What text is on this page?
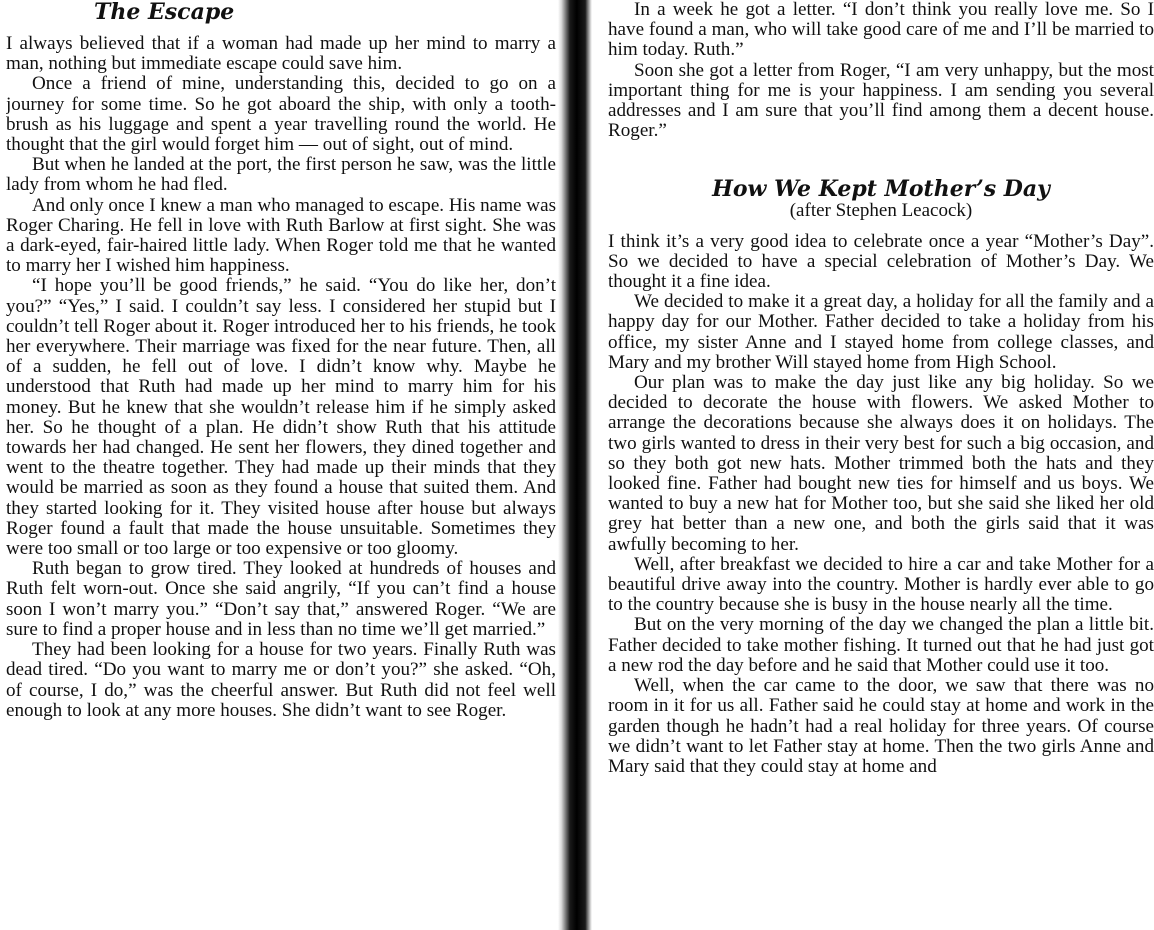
The Escape

I always believed that if a woman had made up her mind to marry a man, nothing but immediate escape could save him.

Once a friend of mine, understanding this, decided to go on a journey for some time. So he got aboard the ship, with only a tooth-brush as his luggage and spent a year travelling round the world. He thought that the girl would forget him — out of sight, out of mind.

But when he landed at the port, the first person he saw, was the little lady from whom he had fled.

And only once I knew a man who managed to escape. His name was Roger Charing. He fell in love with Ruth Barlow at first sight. She was a dark-eyed, fair-haired little lady. When Roger told me that he wanted to marry her I wished him happiness.

“I hope you’ll be good friends,” he said. “You do like her, don’t you?” “Yes,” I said. I couldn’t say less. I considered her stupid but I couldn’t tell Roger about it. Roger introduced her to his friends, he took her everywhere. Their marriage was fixed for the near future. Then, all of a sudden, he fell out of love. I didn’t know why. Maybe he understood that Ruth had made up her mind to marry him for his money. But he knew that she wouldn’t release him if he simply asked her. So he thought of a plan. He didn’t show Ruth that his attitude towards her had changed. He sent her flowers, they dined together and went to the theatre together. They had made up their minds that they would be married as soon as they found a house that suited them. And they started looking for it. They visited house after house but always Roger found a fault that made the house unsuitable. Sometimes they were too small or too large or too expensive or too gloomy.

Ruth began to grow tired. They looked at hundreds of houses and Ruth felt worn-out. Once she said angrily, “If you can’t find a house soon I won’t marry you.” “Don’t say that,” answered Roger. “We are sure to find a proper house and in less than no time we’ll get married.”

They had been looking for a house for two years. Finally Ruth was dead tired. “Do you want to marry me or don’t you?” she asked. “Oh, of course, I do,” was the cheerful answer. But Ruth did not feel well enough to look at any more houses. She didn’t want to see Roger.

In a week he got a letter. “I don’t think you really love me. So I have found a man, who will take good care of me and I’ll be married to him today. Ruth.”

Soon she got a letter from Roger, “I am very unhappy, but the most important thing for me is your happiness. I am sending you several addresses and I am sure that you’ll find among them a decent house. Roger.”

How We Kept Mother’s Day
(after Stephen Leacock)

I think it’s a very good idea to celebrate once a year “Mother’s Day”. So we decided to have a special celebration of Mother’s Day. We thought it a fine idea.

We decided to make it a great day, a holiday for all the family and a happy day for our Mother. Father decided to take a holiday from his office, my sister Anne and I stayed home from college classes, and Mary and my brother Will stayed home from High School.

Our plan was to make the day just like any big holiday. So we decided to decorate the house with flowers. We asked Mother to arrange the decorations because she always does it on holidays. The two girls wanted to dress in their very best for such a big occasion, and so they both got new hats. Mother trimmed both the hats and they looked fine. Father had bought new ties for himself and us boys. We wanted to buy a new hat for Mother too, but she said she liked her old grey hat better than a new one, and both the girls said that it was awfully becoming to her.

Well, after breakfast we decided to hire a car and take Mother for a beautiful drive away into the country. Mother is hardly ever able to go to the country because she is busy in the house nearly all the time.

But on the very morning of the day we changed the plan a little bit. Father decided to take mother fishing. It turned out that he had just got a new rod the day before and he said that Mother could use it too.

Well, when the car came to the door, we saw that there was no room in it for us all. Father said he could stay at home and work in the garden though he hadn’t had a real holiday for three years. Of course we didn’t want to let Father stay at home. Then the two girls Anne and Mary said that they could stay at home and
